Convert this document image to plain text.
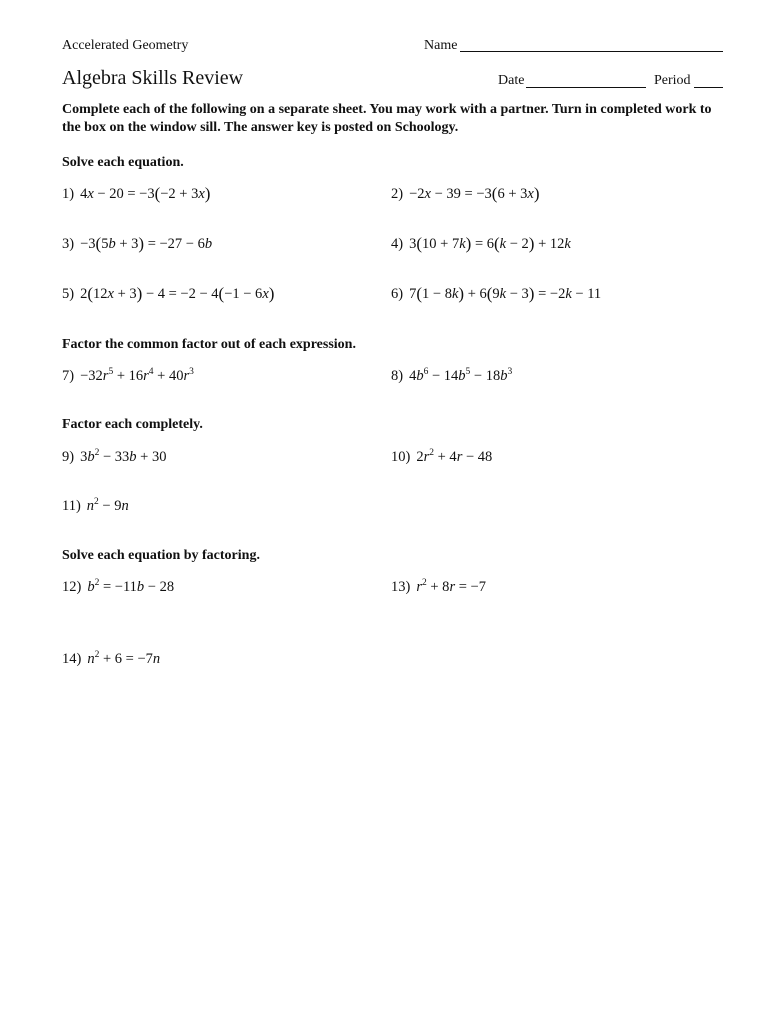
Accelerated Geometry	Name
Algebra Skills Review	Date	Period
Complete each of the following on a separate sheet. You may work with a partner. Turn in completed work to the box on the window sill. The answer key is posted on Schoology.
Solve each equation.
1) 4x − 20 = −3(−2 + 3x)	2) −2x − 39 = −3(6 + 3x)
3) −3(5b + 3) = −27 − 6b	4) 3(10 + 7k) = 6(k − 2) + 12k
5) 2(12x + 3) − 4 = −2 − 4(−1 − 6x)	6) 7(1 − 8k) + 6(9k − 3) = −2k − 11
Factor the common factor out of each expression.
$7) -32r^5 + 16r^4 + 40r^3$	8) $4b^6 - 14b^5 - 18b^3$
Factor each completely.
9) $3b^2 - 33b + 30$	10) $2r^2 + 4r - 48$
11) $n^2 - 9n$
Solve each equation by factoring.
12) $b^2 = -11b - 28$	13) $r^2 + 8r = -7$
14) $n^2 + 6 = -7n$
